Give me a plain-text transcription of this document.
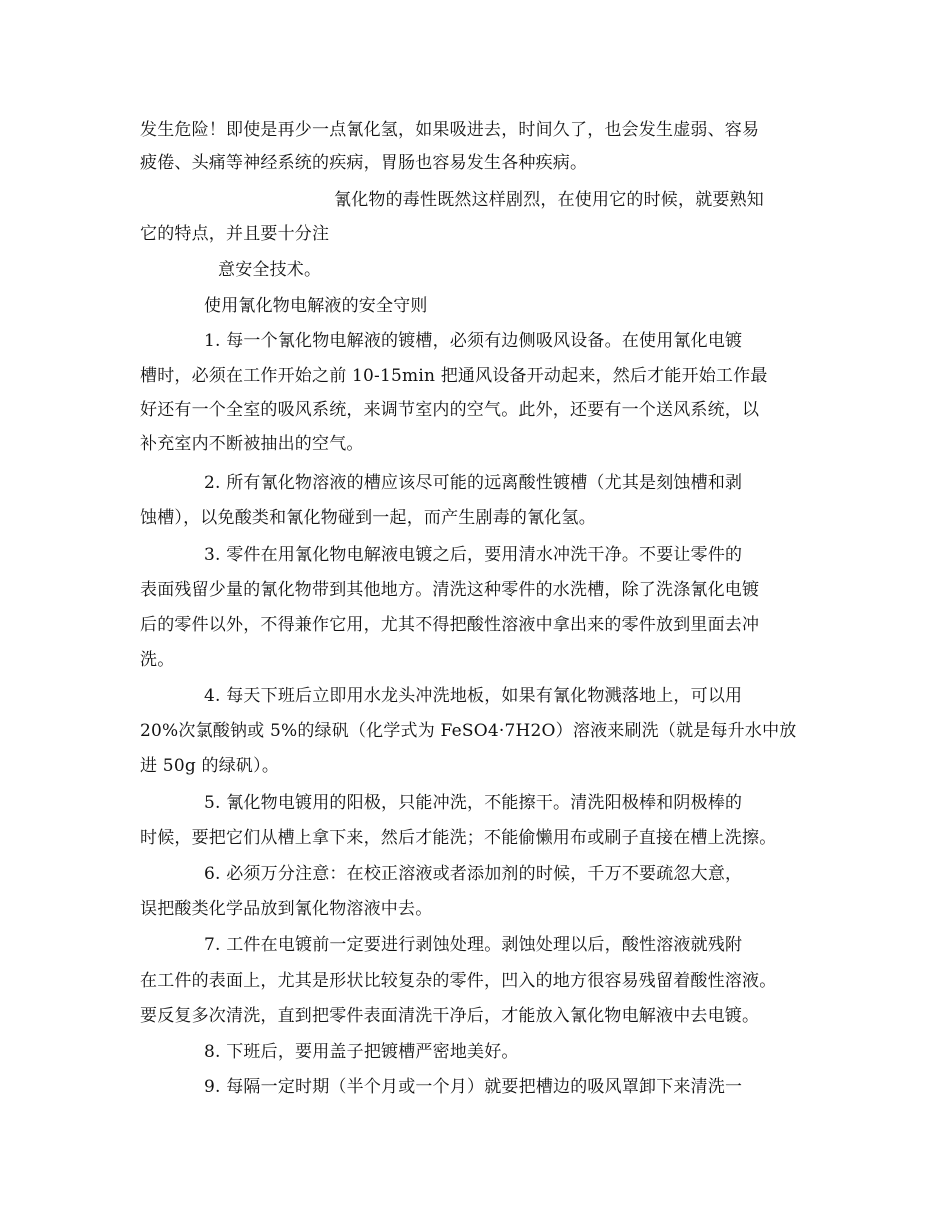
发生危险！即使是再少一点氰化氢，如果吸进去，时间久了，也会发生虚弱、容易
疲倦、头痛等神经系统的疾病，胃肠也容易发生各种疾病。
氰化物的毒性既然这样剧烈，在使用它的时候，就要熟知
它的特点，并且要十分注
意安全技术。
使用氰化物电解液的安全守则
1. 每一个氰化物电解液的镀槽，必须有边侧吸风设备。在使用氰化电镀
槽时，必须在工作开始之前 10-15min 把通风设备开动起来，然后才能开始工作最
好还有一个全室的吸风系统，来调节室内的空气。此外，还要有一个送风系统，以
补充室内不断被抽出的空气。
2. 所有氰化物溶液的槽应该尽可能的远离酸性镀槽（尤其是刻蚀槽和剥
蚀槽），以免酸类和氰化物碰到一起，而产生剧毒的氰化氢。
3. 零件在用氰化物电解液电镀之后，要用清水冲洗干净。不要让零件的
表面残留少量的氰化物带到其他地方。清洗这种零件的水洗槽，除了洗涤氰化电镀
后的零件以外，不得兼作它用，尤其不得把酸性溶液中拿出来的零件放到里面去冲
洗。
4. 每天下班后立即用水龙头冲洗地板，如果有氰化物溅落地上，可以用
20%次氯酸钠或 5%的绿矾（化学式为 FeSO4·7H2O）溶液来刷洗（就是每升水中放
进 50g 的绿矾）。
5. 氰化物电镀用的阳极，只能冲洗，不能擦干。清洗阳极棒和阴极棒的
时候，要把它们从槽上拿下来，然后才能洗；不能偷懒用布或刷子直接在槽上洗擦。
6. 必须万分注意：在校正溶液或者添加剂的时候，千万不要疏忽大意，
误把酸类化学品放到氰化物溶液中去。
7. 工件在电镀前一定要进行剥蚀处理。剥蚀处理以后，酸性溶液就残附
在工件的表面上，尤其是形状比较复杂的零件，凹入的地方很容易残留着酸性溶液。
要反复多次清洗，直到把零件表面清洗干净后，才能放入氰化物电解液中去电镀。
8. 下班后，要用盖子把镀槽严密地美好。
9. 每隔一定时期（半个月或一个月）就要把槽边的吸风罩卸下来清洗一
